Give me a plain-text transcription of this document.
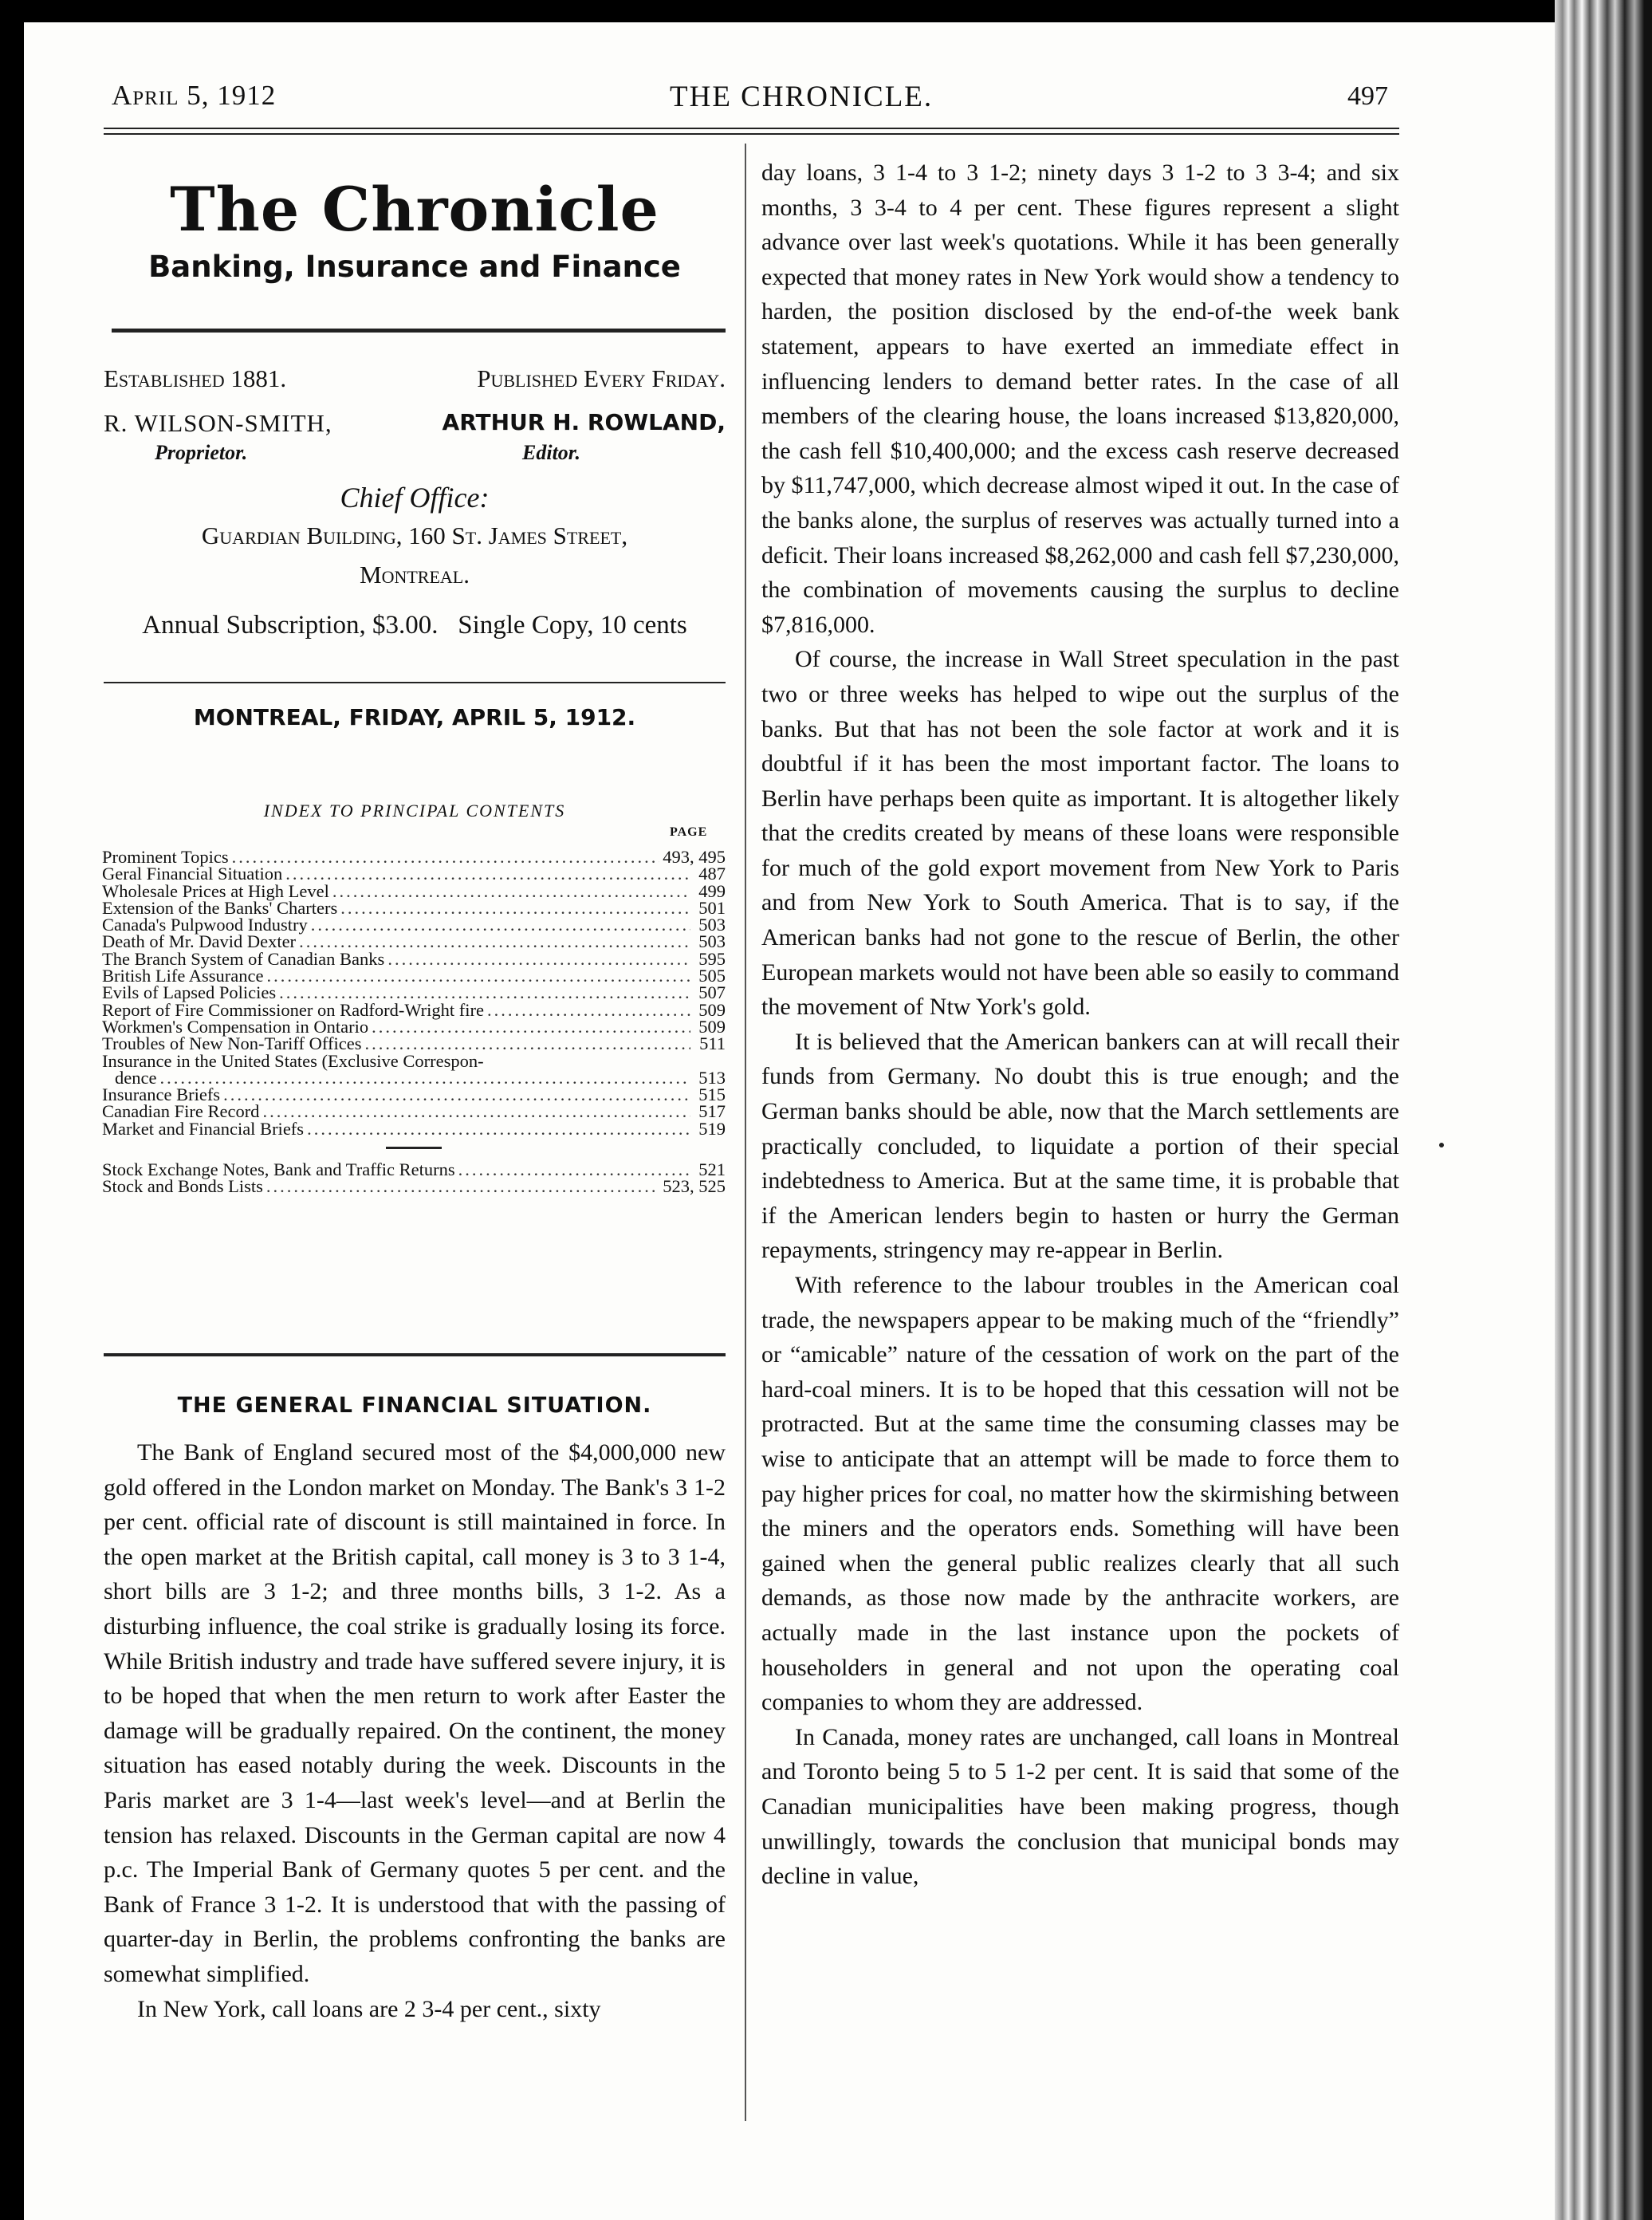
April 5, 1912	THE CHRONICLE.	497
The Chronicle
Banking, Insurance and Finance
Established 1881.	Published Every Friday.
R. WILSON-SMITH,
Proprietor.
ARTHUR H. ROWLAND,
Editor.
Chief Office:
Guardian Building, 160 St. James Street,
Montreal.
Annual Subscription, $3.00.   Single Copy, 10 cents
MONTREAL, FRIDAY, APRIL 5, 1912.
INDEX TO PRINCIPAL CONTENTS
PAGE
Prominent Topics .....	493, 495
Geral Financial Situation .....	487
Wholesale Prices at High Level .....	499
Extension of the Banks' Charters .....	501
Canada's Pulpwood Industry .....	503
Death of Mr. David Dexter .....	503
The Branch System of Canadian Banks .....	595
British Life Assurance .....	505
Evils of Lapsed Policies .....	507
Report of Fire Commissioner on Radford-Wright fire .....	509
Workmen's Compensation in Ontario .....	509
Troubles of New Non-Tariff Offices .....	511
Insurance in the United States (Exclusive Correspon-
dence .....	513
Insurance Briefs .....	515
Canadian Fire Record .....	517
Market and Financial Briefs .....	519
Stock Exchange Notes, Bank and Traffic Returns .....	521
Stock and Bonds Lists .....	523, 525
THE GENERAL FINANCIAL SITUATION.

The Bank of England secured most of the $4,000,000 new gold offered in the London market on Monday. The Bank's 3 1-2 per cent. official rate of discount is still maintained in force. In the open market at the British capital, call money is 3 to 3 1-4, short bills are 3 1-2; and three months bills, 3 1-2. As a disturbing influence, the coal strike is gradually losing its force. While British industry and trade have suffered severe injury, it is to be hoped that when the men return to work after Easter the damage will be gradually repaired. On the continent, the money situation has eased notably during the week. Discounts in the Paris market are 3 1-4—last week's level—and at Berlin the tension has relaxed. Discounts in the German capital are now 4 p.c. The Imperial Bank of Germany quotes 5 per cent. and the Bank of France 3 1-2. It is understood that with the passing of quarter-day in Berlin, the problems confronting the banks are somewhat simplified.

In New York, call loans are 2 3-4 per cent., sixty

day loans, 3 1-4 to 3 1-2; ninety days 3 1-2 to 3 3-4; and six months, 3 3-4 to 4 per cent. These figures represent a slight advance over last week's quotations. While it has been generally expected that money rates in New York would show a tendency to harden, the position disclosed by the end-of-the week bank statement, appears to have exerted an immediate effect in influencing lenders to demand better rates. In the case of all members of the clearing house, the loans increased $13,820,000, the cash fell $10,400,000; and the excess cash reserve decreased by $11,747,000, which decrease almost wiped it out. In the case of the banks alone, the surplus of reserves was actually turned into a deficit. Their loans increased $8,262,000 and cash fell $7,230,000, the combination of movements causing the surplus to decline $7,816,000.

Of course, the increase in Wall Street speculation in the past two or three weeks has helped to wipe out the surplus of the banks. But that has not been the sole factor at work and it is doubtful if it has been the most important factor. The loans to Berlin have perhaps been quite as important. It is altogether likely that the credits created by means of these loans were responsible for much of the gold export movement from New York to Paris and from New York to South America. That is to say, if the American banks had not gone to the rescue of Berlin, the other European markets would not have been able so easily to command the movement of Ntw York's gold.

It is believed that the American bankers can at will recall their funds from Germany. No doubt this is true enough; and the German banks should be able, now that the March settlements are practically concluded, to liquidate a portion of their special indebtedness to America. But at the same time, it is probable that if the American lenders begin to hasten or hurry the German repayments, stringency may re-appear in Berlin.

With reference to the labour troubles in the American coal trade, the newspapers appear to be making much of the “friendly” or “amicable” nature of the cessation of work on the part of the hard-coal miners. It is to be hoped that this cessation will not be protracted. But at the same time the consuming classes may be wise to anticipate that an attempt will be made to force them to pay higher prices for coal, no matter how the skirmishing between the miners and the operators ends. Something will have been gained when the general public realizes clearly that all such demands, as those now made by the anthracite workers, are actually made in the last instance upon the pockets of householders in general and not upon the operating coal companies to whom they are addressed.

In Canada, money rates are unchanged, call loans in Montreal and Toronto being 5 to 5 1-2 per cent. It is said that some of the Canadian municipalities have been making progress, though unwillingly, towards the conclusion that municipal bonds may decline in value,
